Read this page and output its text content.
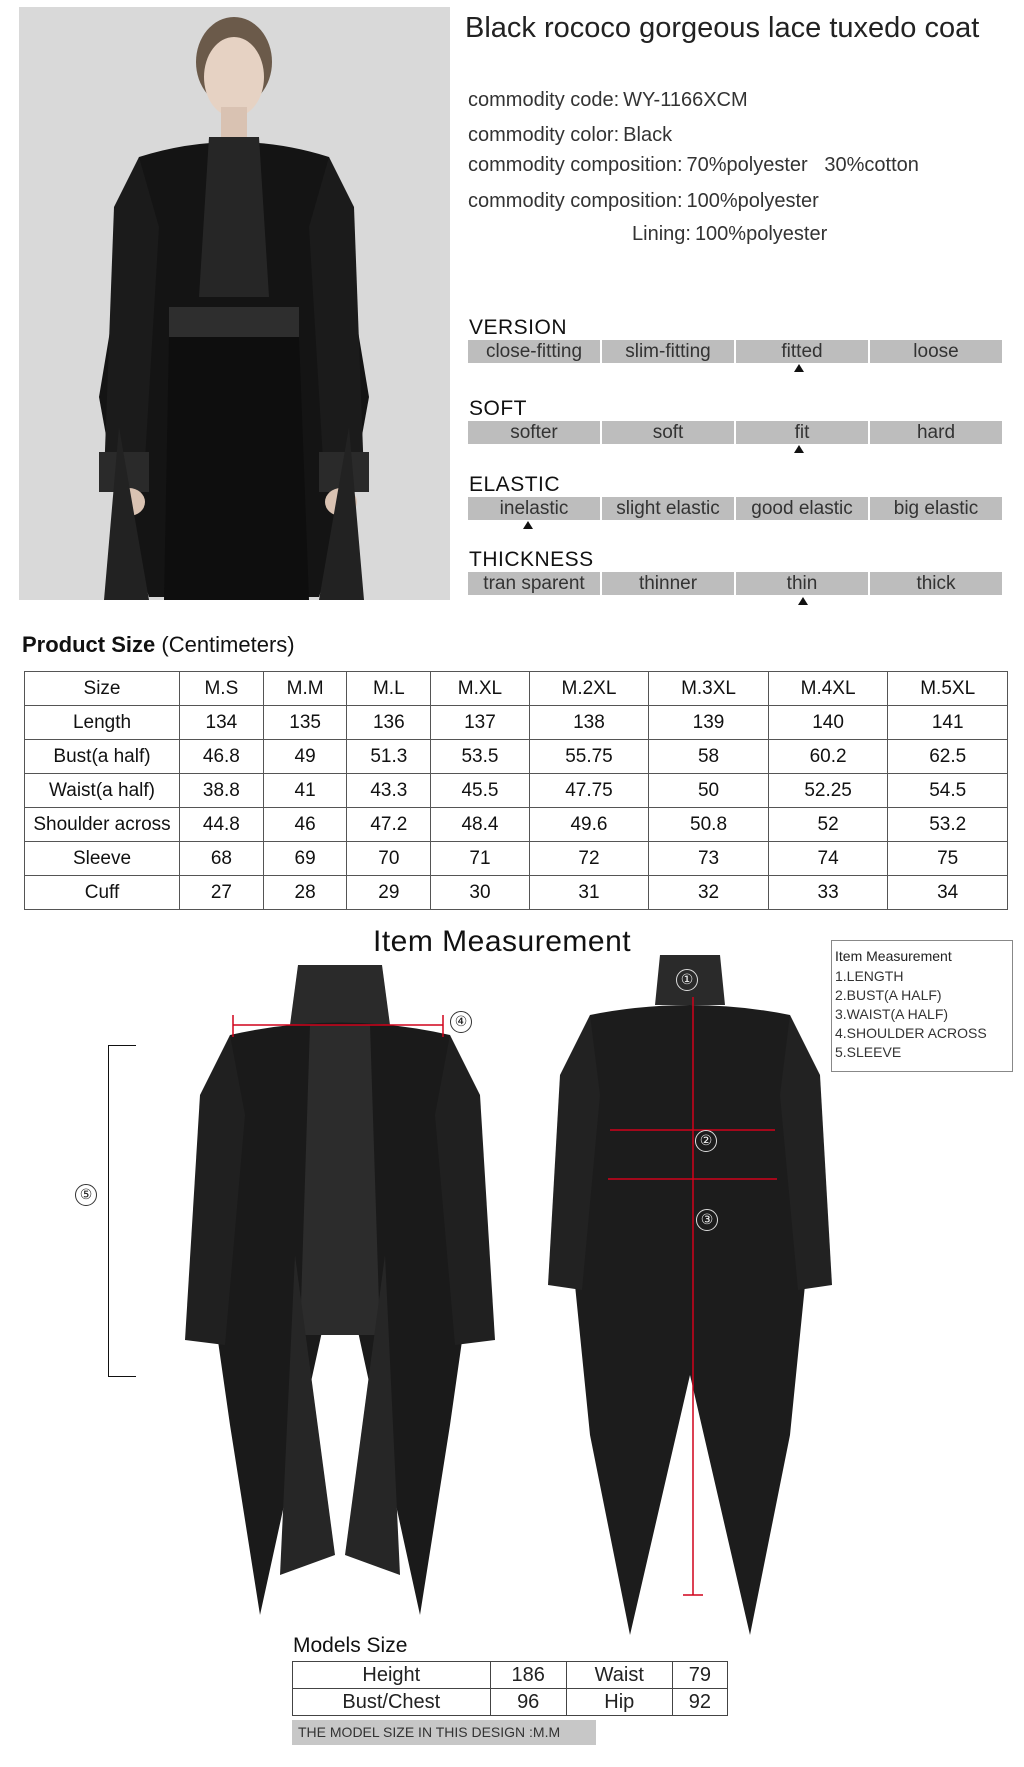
Black rococo gorgeous lace tuxedo coat
commodity code: WY-1166XCM
commodity color: Black
commodity composition: 70%polyester   30%cotton
commodity composition: 100%polyester
Lining: 100%polyester
VERSION
close-fitting	slim-fitting	fitted	loose
SOFT
softer	soft	fit	hard
ELASTIC
inelastic	slight elastic	good elastic	big elastic
THICKNESS
tran sparent	thinner	thin	thick
Product Size (Centimeters)
Size	M.S	M.M	M.L	M.XL	M.2XL	M.3XL	M.4XL	M.5XL
Length	134	135	136	137	138	139	140	141
Bust(a half)	46.8	49	51.3	53.5	55.75	58	60.2	62.5
Waist(a half)	38.8	41	43.3	45.5	47.75	50	52.25	54.5
Shoulder across	44.8	46	47.2	48.4	49.6	50.8	52	53.2
Sleeve	68	69	70	71	72	73	74	75
Cuff	27	28	29	30	31	32	33	34
Item Measurement	Item Measurement
1.LENGTH
2.BUST(A HALF)
3.WAIST(A HALF)
4.SHOULDER ACROSS
5.SLEEVE
⑤
④
①
②
③
Models Size
Height	186	Waist	79
Bust/Chest	96	Hip	92
THE MODEL SIZE IN THIS DESIGN :M.M
